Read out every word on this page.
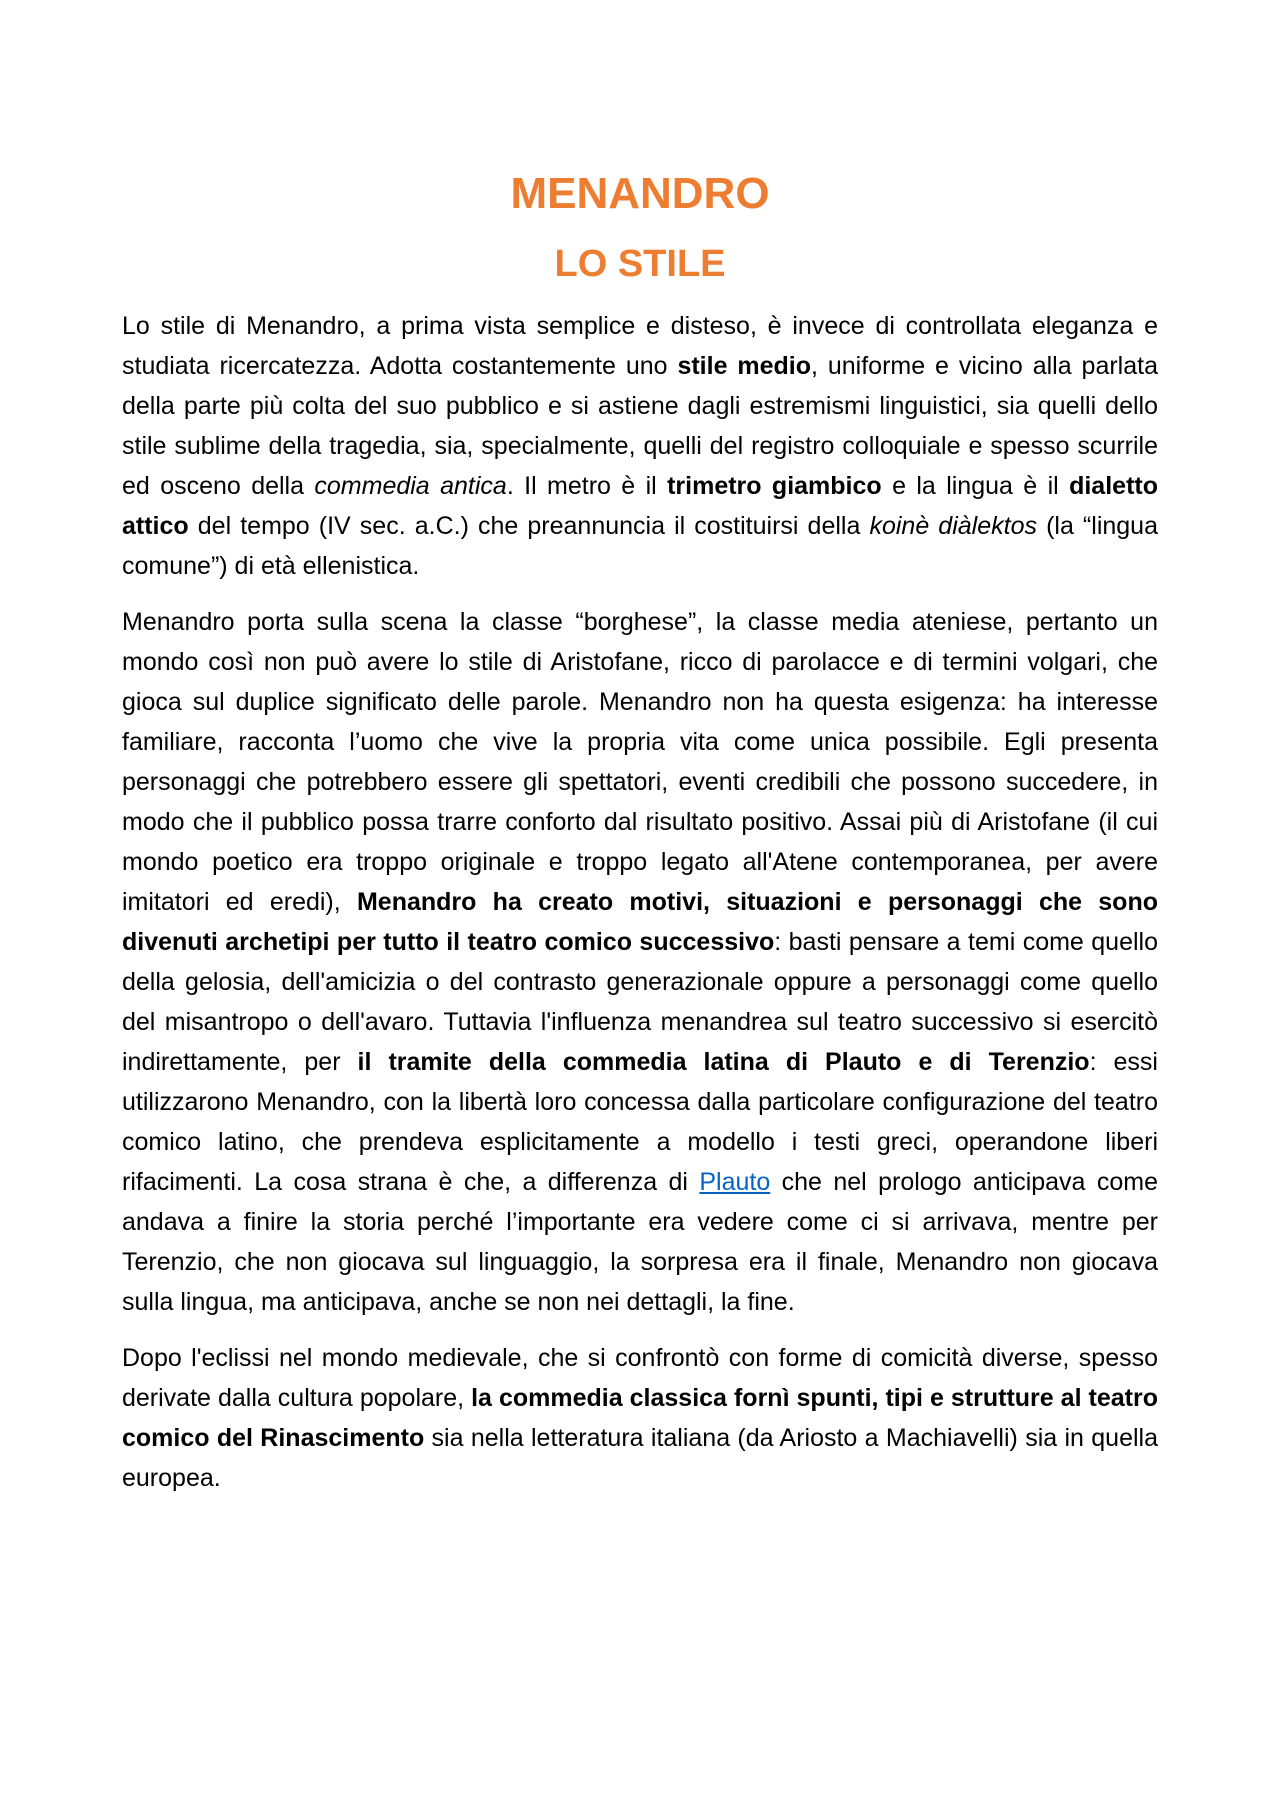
MENANDRO
LO STILE

Lo stile di Menandro, a prima vista semplice e disteso, è invece di controllata eleganza e studiata ricercatezza. Adotta costantemente uno stile medio, uniforme e vicino alla parlata della parte più colta del suo pubblico e si astiene dagli estremismi linguistici, sia quelli dello stile sublime della tragedia, sia, specialmente, quelli del registro colloquiale e spesso scurrile ed osceno della commedia antica. Il metro è il trimetro giambico e la lingua è il dialetto attico del tempo (IV sec. a.C.) che preannuncia il costituirsi della koinè diàlektos (la “lingua comune”) di età ellenistica.

Menandro porta sulla scena la classe “borghese”, la classe media ateniese, pertanto un mondo così non può avere lo stile di Aristofane, ricco di parolacce e di termini volgari, che gioca sul duplice significato delle parole. Menandro non ha questa esigenza: ha interesse familiare, racconta l’uomo che vive la propria vita come unica possibile. Egli presenta personaggi che potrebbero essere gli spettatori, eventi credibili che possono succedere, in modo che il pubblico possa trarre conforto dal risultato positivo. Assai più di Aristofane (il cui mondo poetico era troppo originale e troppo legato all'Atene contemporanea, per avere imitatori ed eredi), Menandro ha creato motivi, situazioni e personaggi che sono divenuti archetipi per tutto il teatro comico successivo: basti pensare a temi come quello della gelosia, dell'amicizia o del contrasto generazionale oppure a personaggi come quello del misantropo o dell'avaro. Tuttavia l'influenza menandrea sul teatro successivo si esercitò indirettamente, per il tramite della commedia latina di Plauto e di Terenzio: essi utilizzarono Menandro, con la libertà loro concessa dalla particolare configurazione del teatro comico latino, che prendeva esplicitamente a modello i testi greci, operandone liberi rifacimenti. La cosa strana è che, a differenza di Plauto che nel prologo anticipava come andava a finire la storia perché l’importante era vedere come ci si arrivava, mentre per Terenzio, che non giocava sul linguaggio, la sorpresa era il finale, Menandro non giocava sulla lingua, ma anticipava, anche se non nei dettagli, la fine.

Dopo l'eclissi nel mondo medievale, che si confrontò con forme di comicità diverse, spesso derivate dalla cultura popolare, la commedia classica fornì spunti, tipi e strutture al teatro comico del Rinascimento sia nella letteratura italiana (da Ariosto a Machiavelli) sia in quella europea.
